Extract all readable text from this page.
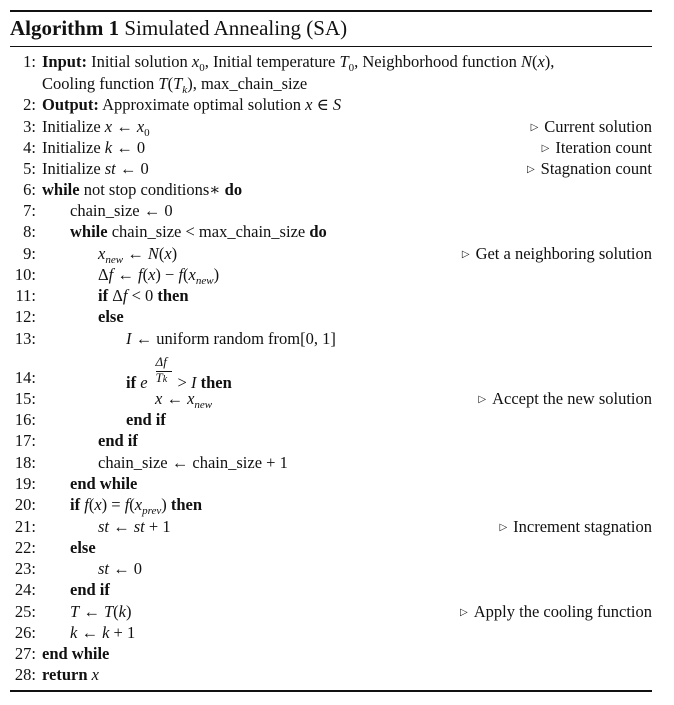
Algorithm 1 Simulated Annealing (SA)
1: Input: Initial solution $x_0$, Initial temperature $T_0$, Neighborhood function N(x),
Cooling function $T(T_k)$, max_chain_size
2: Output: Approximate optimal solution x ∈ S
3: Initialize x ← $x_0$	▷ Current solution
4: Initialize k ← 0	▷ Iteration count
5: Initialize st ← 0	▷ Stagnation count
6: while not stop conditions∗ do
7: chain_size ← 0
8: while chain_size < max_chain_size do
9:	$x_{new}$ ← N(x)	▷ Get a neighboring solution
10:	Δf ← $f(x) - f(x_{new})$
11:	if Δf < 0 then
12:	else
13:	I ← uniform random from[0, 1]
14:	if e $\frac{\Delta f}{Tk} > I$ then
15:	x ← $x_{new}$	▷ Accept the new solution
16:	end if
17:	end if
18:	chain_size ← chain_size + 1
19: end while
20: if $f(x) = f(x_{prev})$ then
21:	st ← st + 1	▷ Increment stagnation
22: else
23:	st ← 0
24: end if
25: T ← T(k)	▷ Apply the cooling function
26: k ← k + 1
27: end while
28: return x
